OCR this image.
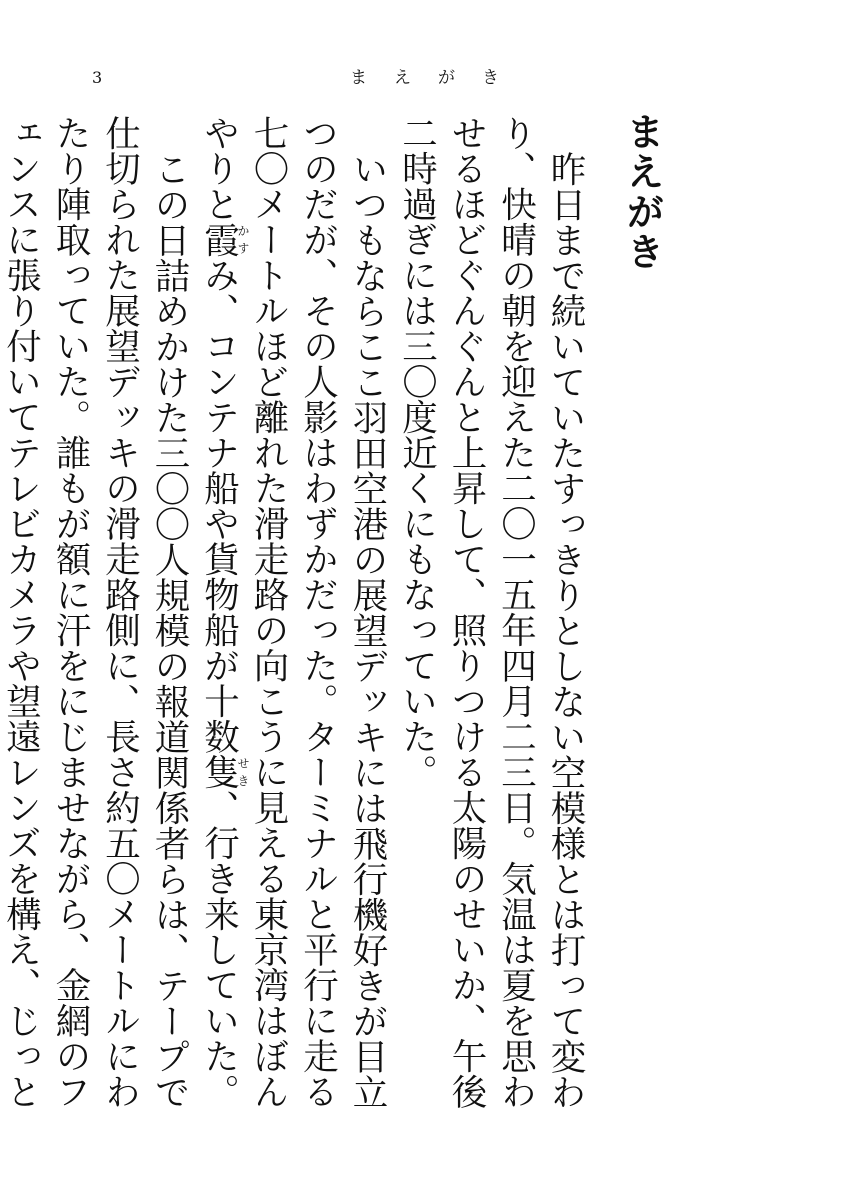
3	まえがき
まえがき

昨日まで続いていたすっきりとしない空模様とは打って変わり、快晴の朝を迎えた二〇一五年四月二三日。気温は夏を思わせるほどぐんぐんと上昇して、照りつける太陽のせいか、午後二時過ぎには三〇度近くにもなっていた。

いつもならここ羽田空港の展望デッキには飛行機好きが目立つのだが、その人影はわずかだった。ターミナルと平行に走る七〇メートルほど離れた滑走路の向こうに見える東京湾はぼんやりと霞かすみ、コンテナ船や貨物船が十数隻せき、行き来していた。

この日詰めかけた三〇〇人規模の報道関係者らは、テープで仕切られた展望デッキの滑走路側に、長さ約五〇メートルにわたり陣取っていた。誰もが額に汗をにじませながら、金網のフェンスに張り付いてテレビカメラや望遠レンズを構え、じっと
